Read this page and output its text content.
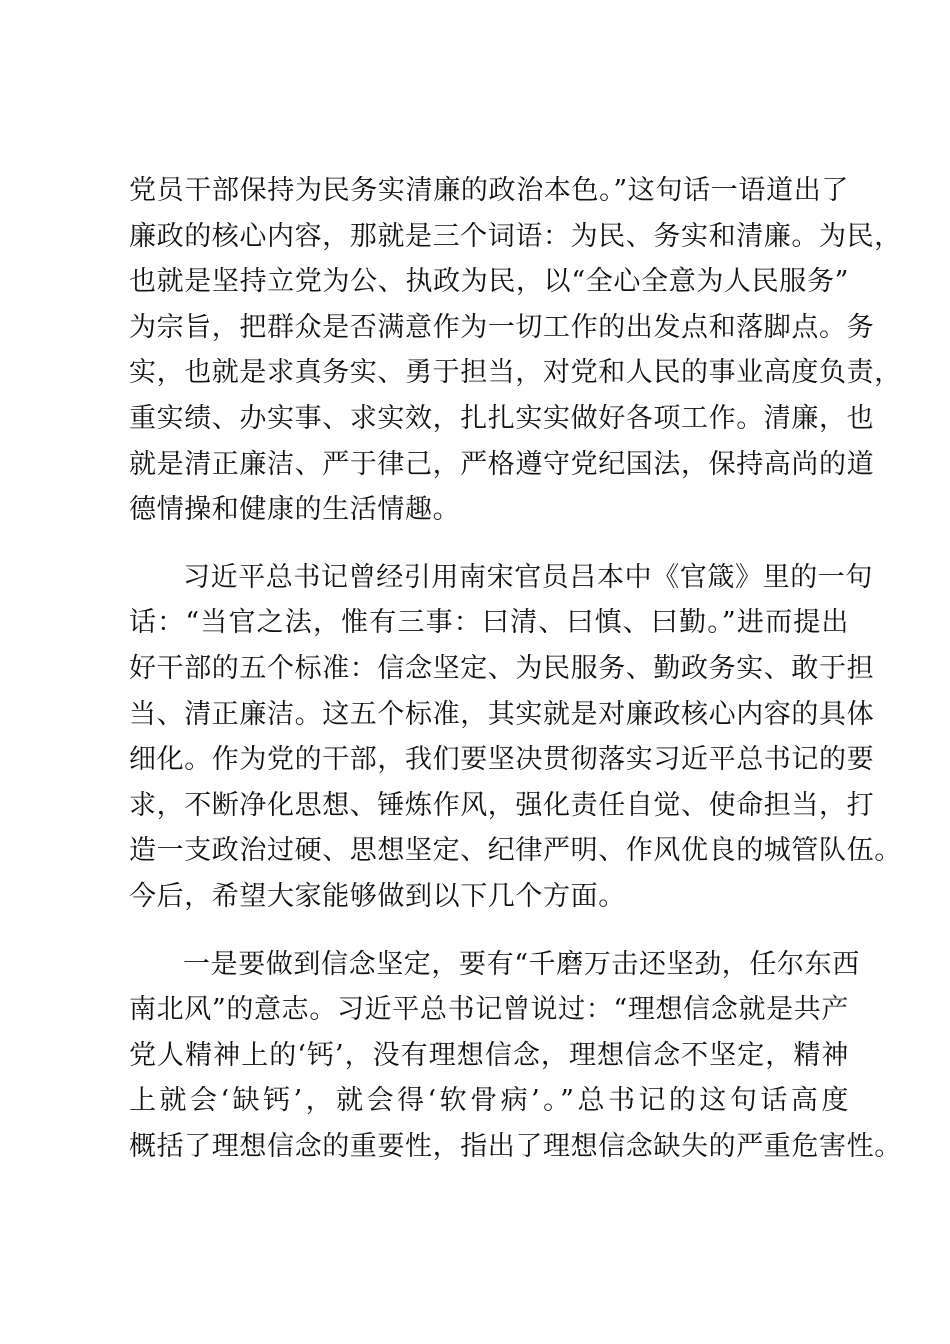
党员干部保持为民务实清廉的政治本色。”这句话一语道出了
廉政的核心内容，那就是三个词语：为民、务实和清廉。为民，
也就是坚持立党为公、执政为民，以“全心全意为人民服务”
为宗旨，把群众是否满意作为一切工作的出发点和落脚点。务
实，也就是求真务实、勇于担当，对党和人民的事业高度负责，
重实绩、办实事、求实效，扎扎实实做好各项工作。清廉，也
就是清正廉洁、严于律己，严格遵守党纪国法，保持高尚的道
德情操和健康的生活情趣。

习近平总书记曾经引用南宋官员吕本中《官箴》里的一句
话：“当官之法，惟有三事：曰清、曰慎、曰勤。”进而提出
好干部的五个标准：信念坚定、为民服务、勤政务实、敢于担
当、清正廉洁。这五个标准，其实就是对廉政核心内容的具体
细化。作为党的干部，我们要坚决贯彻落实习近平总书记的要
求，不断净化思想、锤炼作风，强化责任自觉、使命担当，打
造一支政治过硬、思想坚定、纪律严明、作风优良的城管队伍。
今后，希望大家能够做到以下几个方面。

一是要做到信念坚定，要有“千磨万击还坚劲，任尔东西
南北风”的意志。习近平总书记曾说过：“理想信念就是共产
党人精神上的‘钙’，没有理想信念，理想信念不坚定，精神
上就会‘缺钙’，就会得‘软骨病’。”总书记的这句话高度
概括了理想信念的重要性，指出了理想信念缺失的严重危害性。
